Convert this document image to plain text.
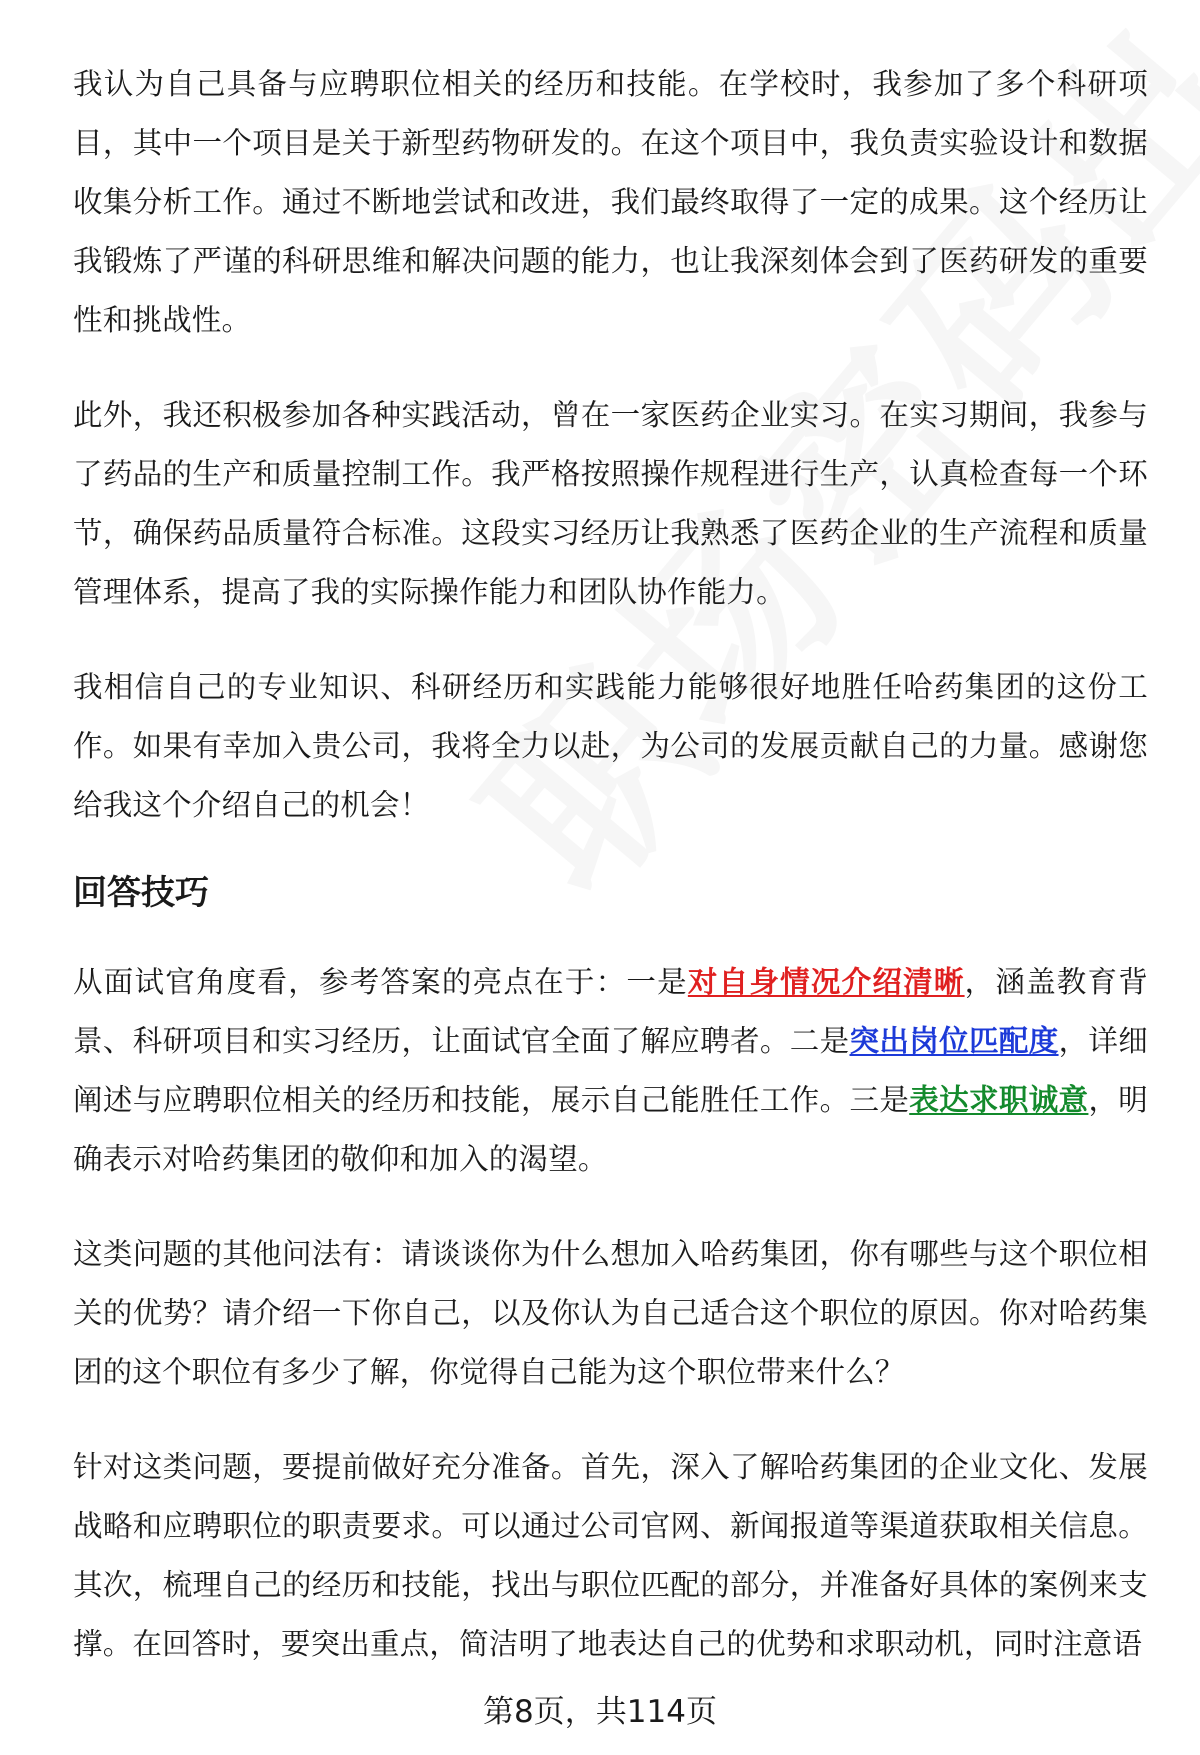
我认为自己具备与应聘职位相关的经历和技能。在学校时，我参加了多个科研项目，其中一个项目是关于新型药物研发的。在这个项目中，我负责实验设计和数据收集分析工作。通过不断地尝试和改进，我们最终取得了一定的成果。这个经历让我锻炼了严谨的科研思维和解决问题的能力，也让我深刻体会到了医药研发的重要性和挑战性。

此外，我还积极参加各种实践活动，曾在一家医药企业实习。在实习期间，我参与了药品的生产和质量控制工作。我严格按照操作规程进行生产，认真检查每一个环节，确保药品质量符合标准。这段实习经历让我熟悉了医药企业的生产流程和质量管理体系，提高了我的实际操作能力和团队协作能力。

我相信自己的专业知识、科研经历和实践能力能够很好地胜任哈药集团的这份工作。如果有幸加入贵公司，我将全力以赴，为公司的发展贡献自己的力量。感谢您给我这个介绍自己的机会！

回答技巧

从面试官角度看，参考答案的亮点在于：一是对自身情况介绍清晰，涵盖教育背景、科研项目和实习经历，让面试官全面了解应聘者。二是突出岗位匹配度，详细阐述与应聘职位相关的经历和技能，展示自己能胜任工作。三是表达求职诚意，明确表示对哈药集团的敬仰和加入的渴望。

这类问题的其他问法有：请谈谈你为什么想加入哈药集团，你有哪些与这个职位相关的优势？请介绍一下你自己，以及你认为自己适合这个职位的原因。你对哈药集团的这个职位有多少了解，你觉得自己能为这个职位带来什么？

针对这类问题，要提前做好充分准备。首先，深入了解哈药集团的企业文化、发展战略和应聘职位的职责要求。可以通过公司官网、新闻报道等渠道获取相关信息。其次，梳理自己的经历和技能，找出与职位匹配的部分，并准备好具体的案例来支撑。在回答时，要突出重点，简洁明了地表达自己的优势和求职动机，同时注意语

第8页，共114页
